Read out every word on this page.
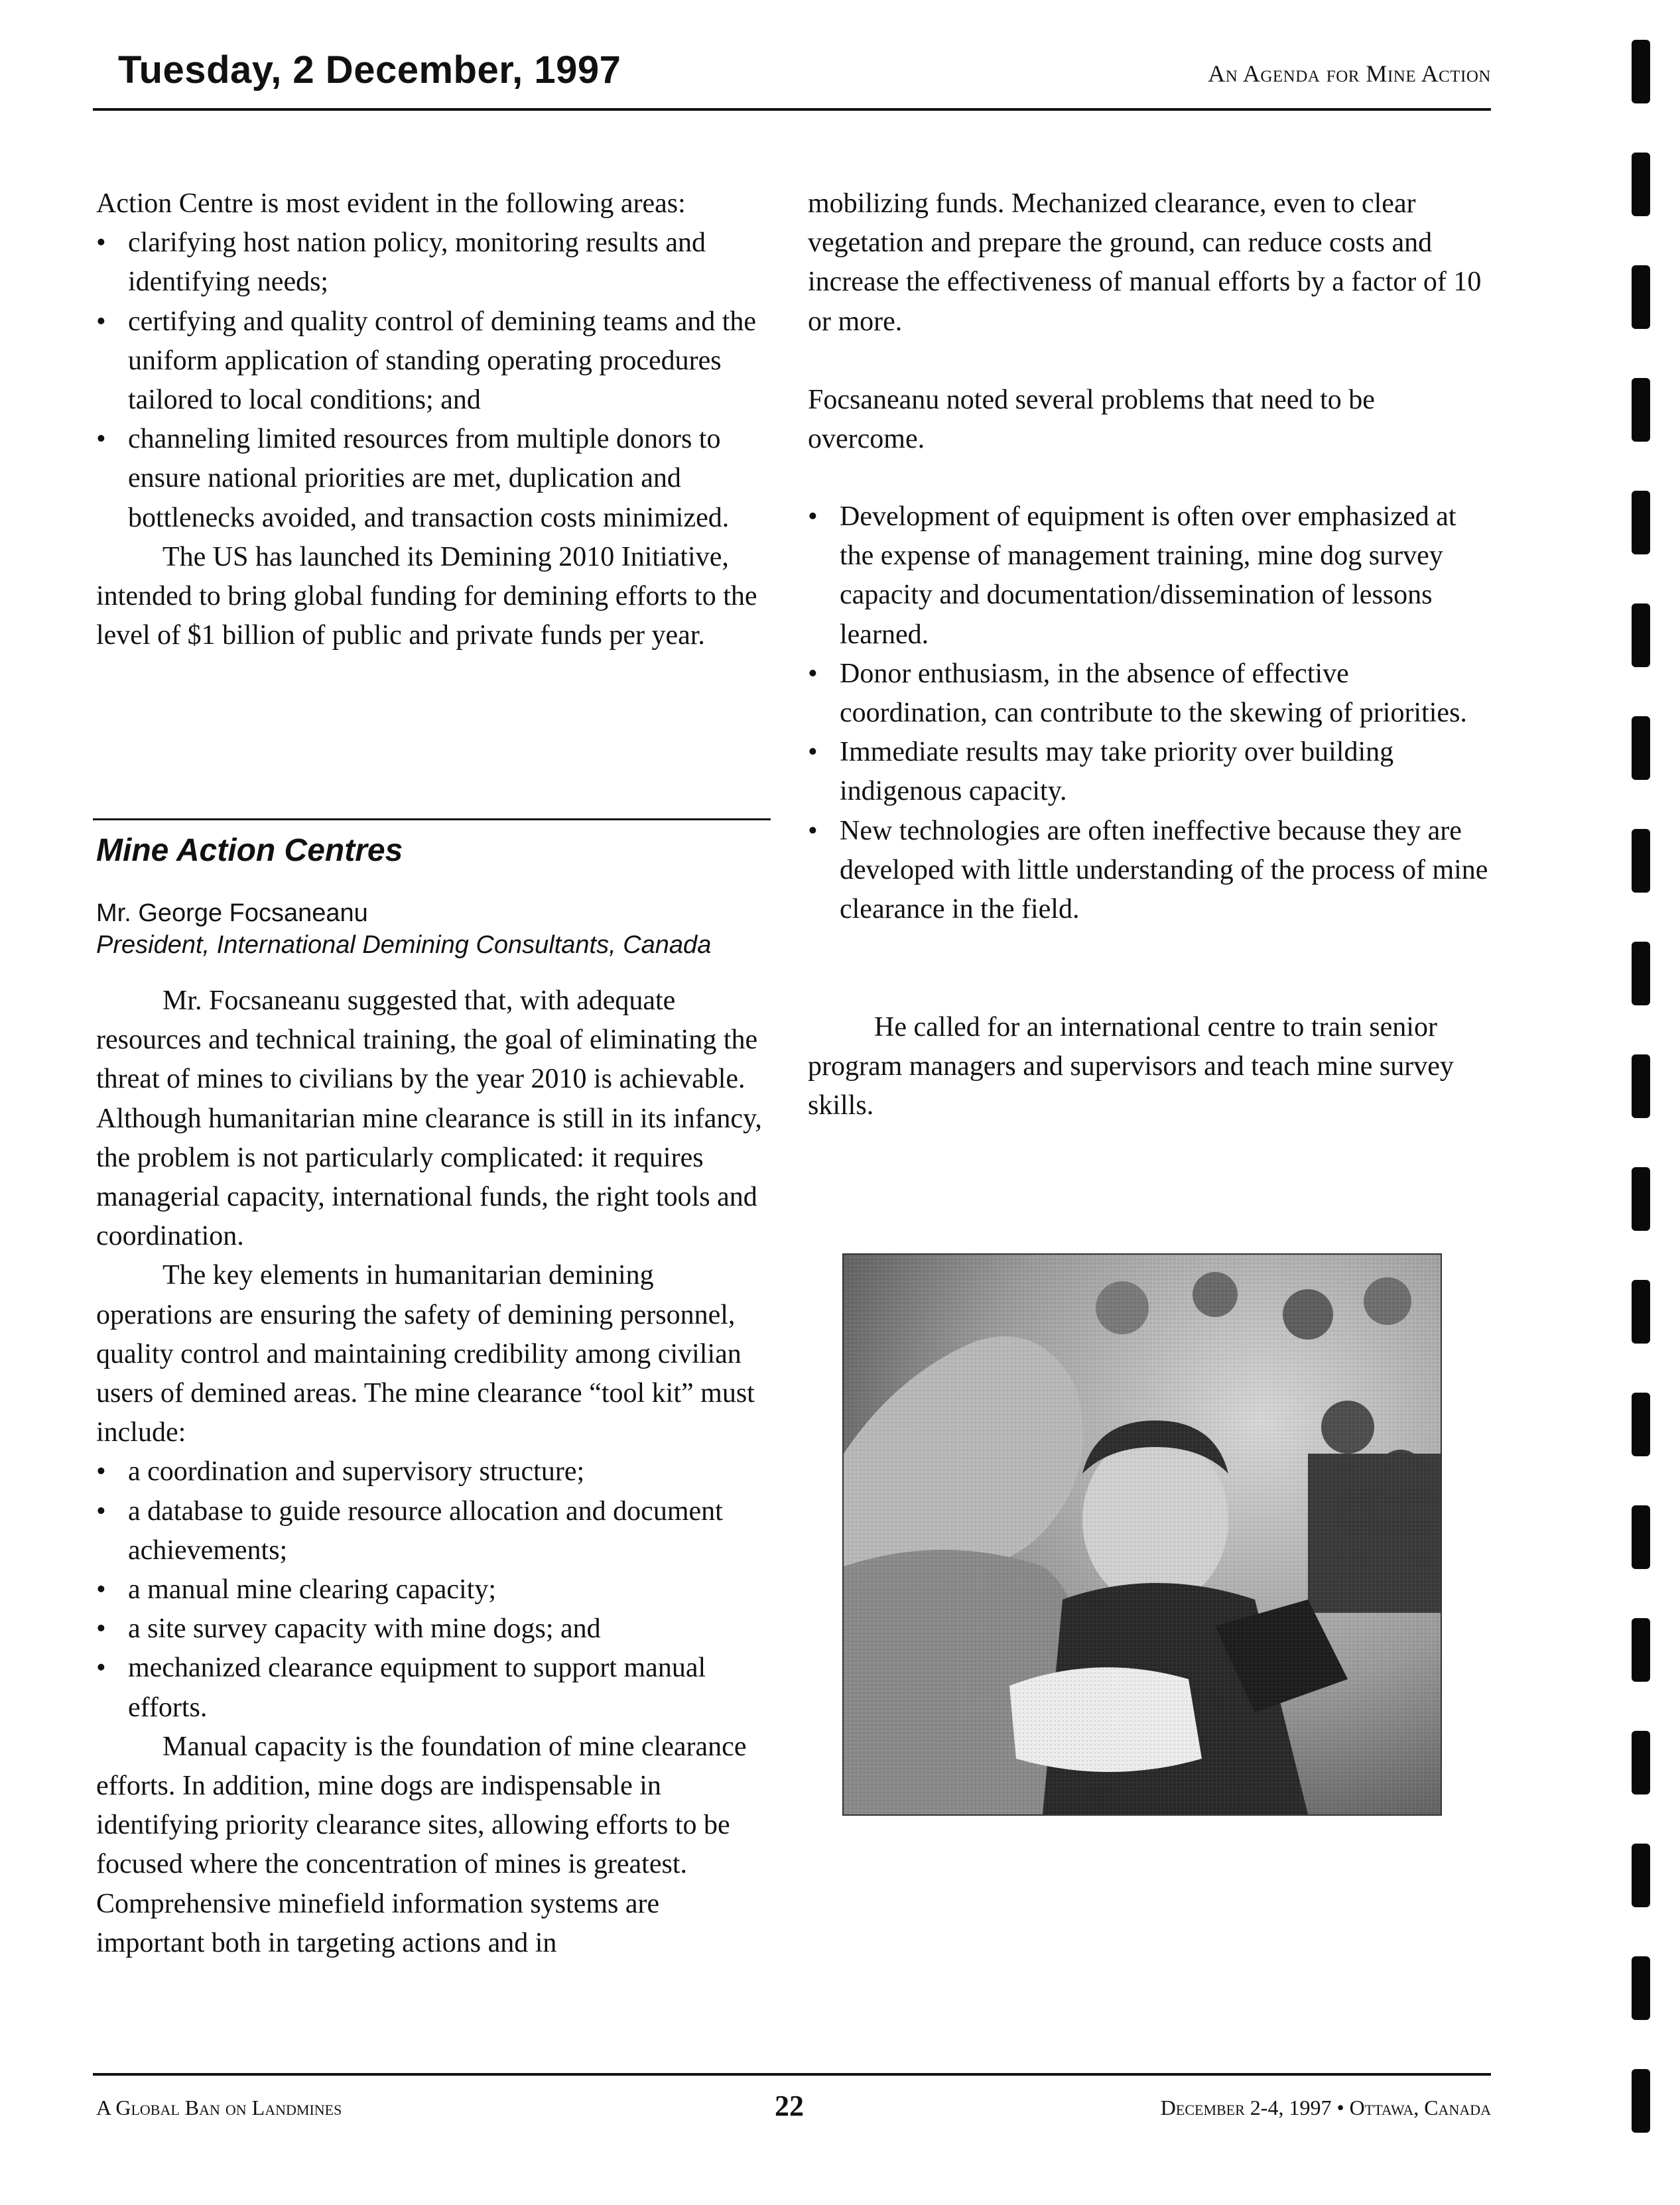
Tuesday, 2 December, 1997	An Agenda for Mine Action

Action Centre is most evident in the following areas:

• clarifying host nation policy, monitoring results and identifying needs;
• certifying and quality control of demining teams and the uniform application of standing operating procedures tailored to local conditions; and
• channeling limited resources from multiple donors to ensure national priorities are met, duplication and bottlenecks avoided, and transaction costs minimized.

The US has launched its Demining 2010 Initiative, intended to bring global funding for demining efforts to the level of $1 billion of public and private funds per year.

Mine Action Centres
Mr. George Focsaneanu
President, International Demining Consultants, Canada

Mr. Focsaneanu suggested that, with adequate resources and technical training, the goal of eliminating the threat of mines to civilians by the year 2010 is achievable. Although humanitarian mine clearance is still in its infancy, the problem is not particularly complicated: it requires managerial capacity, international funds, the right tools and coordination.

The key elements in humanitarian demining operations are ensuring the safety of demining personnel, quality control and maintaining credibility among civilian users of demined areas. The mine clearance “tool kit” must include:

• a coordination and supervisory structure;
• a database to guide resource allocation and document achievements;
• a manual mine clearing capacity;
• a site survey capacity with mine dogs; and
• mechanized clearance equipment to support manual efforts.

Manual capacity is the foundation of mine clearance efforts. In addition, mine dogs are indispensable in identifying priority clearance sites, allowing efforts to be focused where the concentration of mines is greatest. Comprehensive minefield information systems are important both in targeting actions and in

mobilizing funds. Mechanized clearance, even to clear vegetation and prepare the ground, can reduce costs and increase the effectiveness of manual efforts by a factor of 10 or more.

Focsaneanu noted several problems that need to be overcome.

• Development of equipment is often over emphasized at the expense of management training, mine dog survey capacity and documentation/dissemination of lessons learned.
• Donor enthusiasm, in the absence of effective coordination, can contribute to the skewing of priorities.
• Immediate results may take priority over building indigenous capacity.
• New technologies are often ineffective because they are developed with little understanding of the process of mine clearance in the field.

He called for an international centre to train senior program managers and supervisors and teach mine survey skills.

A Global Ban on Landmines	22	December 2-4, 1997 • Ottawa, Canada
